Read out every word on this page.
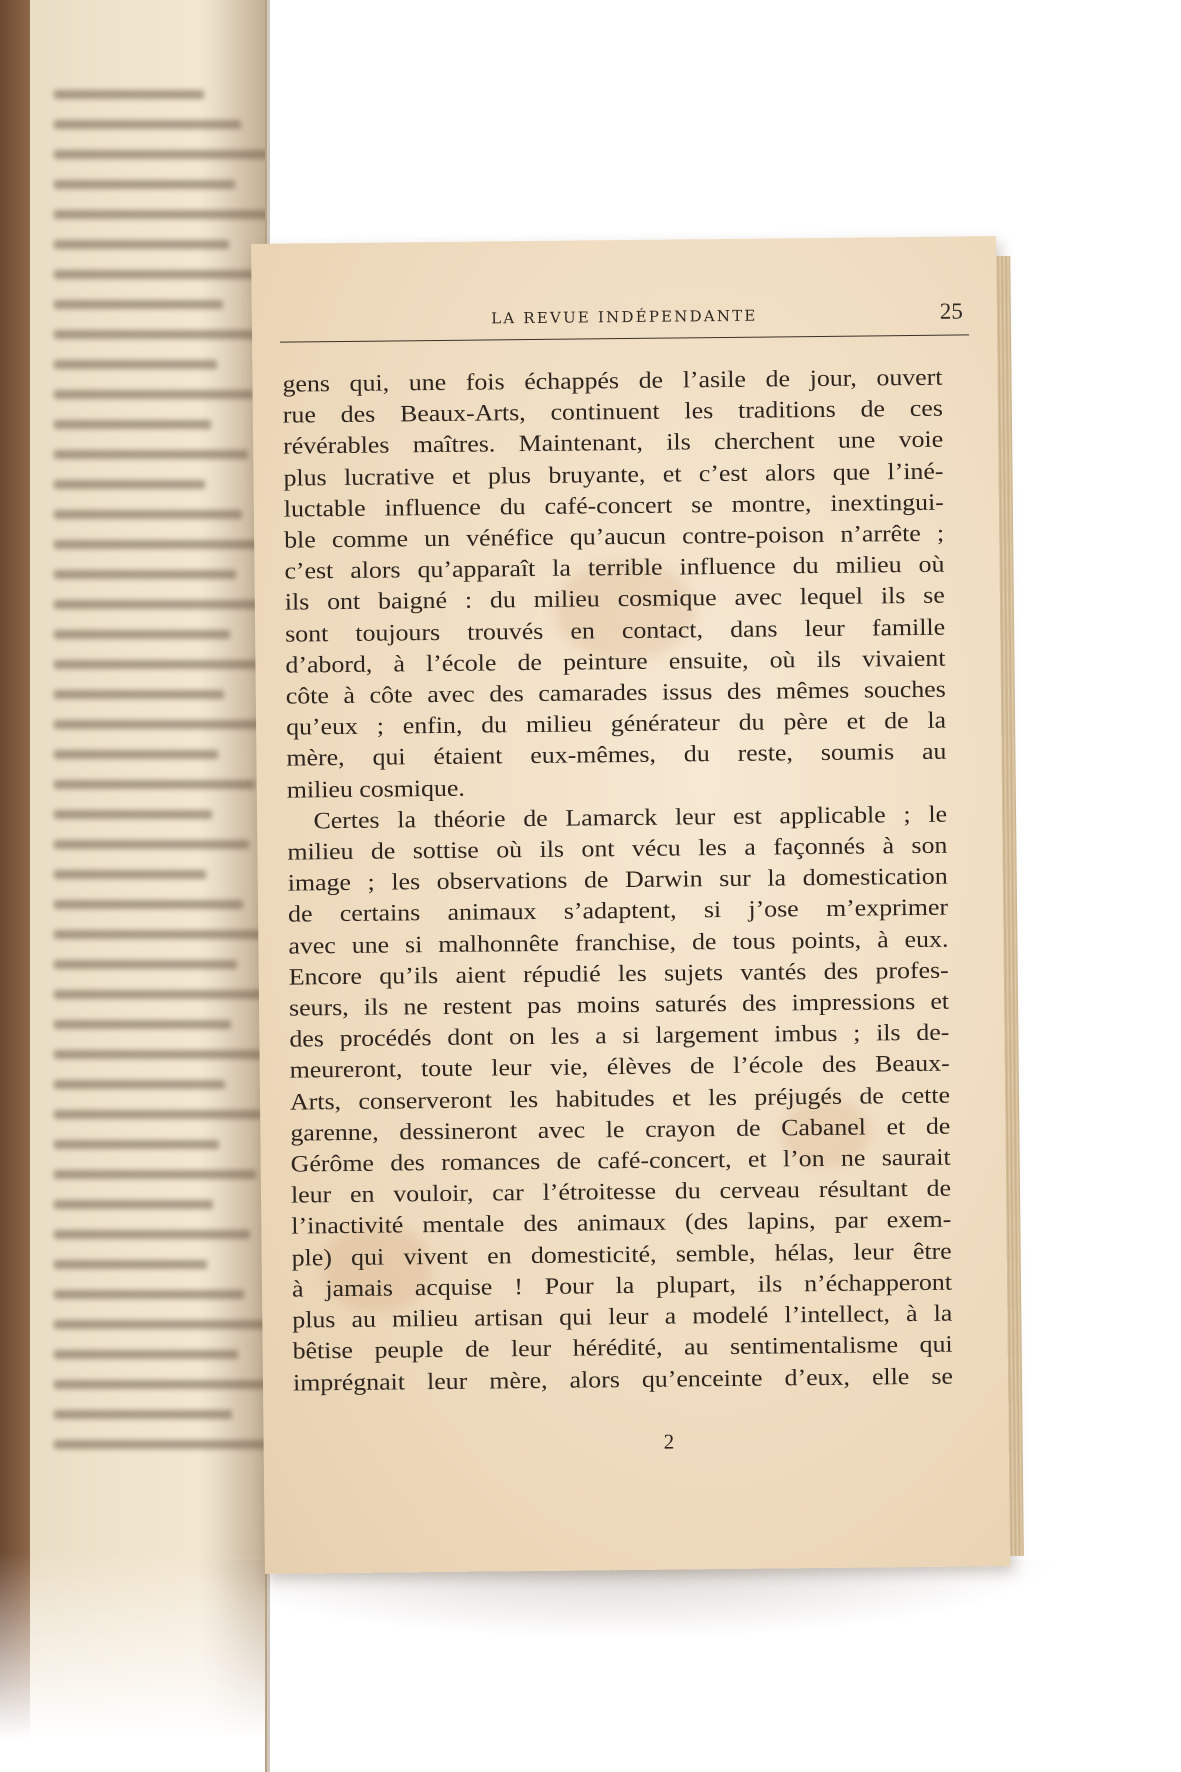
LA REVUE INDÉPENDANTE	25
gens qui, une fois échappés de l’asile de jour, ouvert
rue des Beaux-Arts, continuent les traditions de ces
révérables maîtres. Maintenant, ils cherchent une voie
plus lucrative et plus bruyante, et c’est alors que l’iné-
luctable influence du café-concert se montre, inextingui-
ble comme un vénéfice qu’aucun contre-poison n’arrête ;
c’est alors qu’apparaît la terrible influence du milieu où
ils ont baigné : du milieu cosmique avec lequel ils se
sont toujours trouvés en contact, dans leur famille
d’abord, à l’école de peinture ensuite, où ils vivaient
côte à côte avec des camarades issus des mêmes souches
qu’eux ; enfin, du milieu générateur du père et de la
mère, qui étaient eux-mêmes, du reste, soumis au
milieu cosmique.
Certes la théorie de Lamarck leur est applicable ; le
milieu de sottise où ils ont vécu les a façonnés à son
image ; les observations de Darwin sur la domestication
de certains animaux s’adaptent, si j’ose m’exprimer
avec une si malhonnête franchise, de tous points, à eux.
Encore qu’ils aient répudié les sujets vantés des profes-
seurs, ils ne restent pas moins saturés des impressions et
des procédés dont on les a si largement imbus ; ils de-
meureront, toute leur vie, élèves de l’école des Beaux-
Arts, conserveront les habitudes et les préjugés de cette
garenne, dessineront avec le crayon de Cabanel et de
Gérôme des romances de café-concert, et l’on ne saurait
leur en vouloir, car l’étroitesse du cerveau résultant de
l’inactivité mentale des animaux (des lapins, par exem-
ple) qui vivent en domesticité, semble, hélas, leur être
à jamais acquise ! Pour la plupart, ils n’échapperont
plus au milieu artisan qui leur a modelé l’intellect, à la
bêtise peuple de leur hérédité, au sentimentalisme qui
imprégnait leur mère, alors qu’enceinte d’eux, elle se
2
